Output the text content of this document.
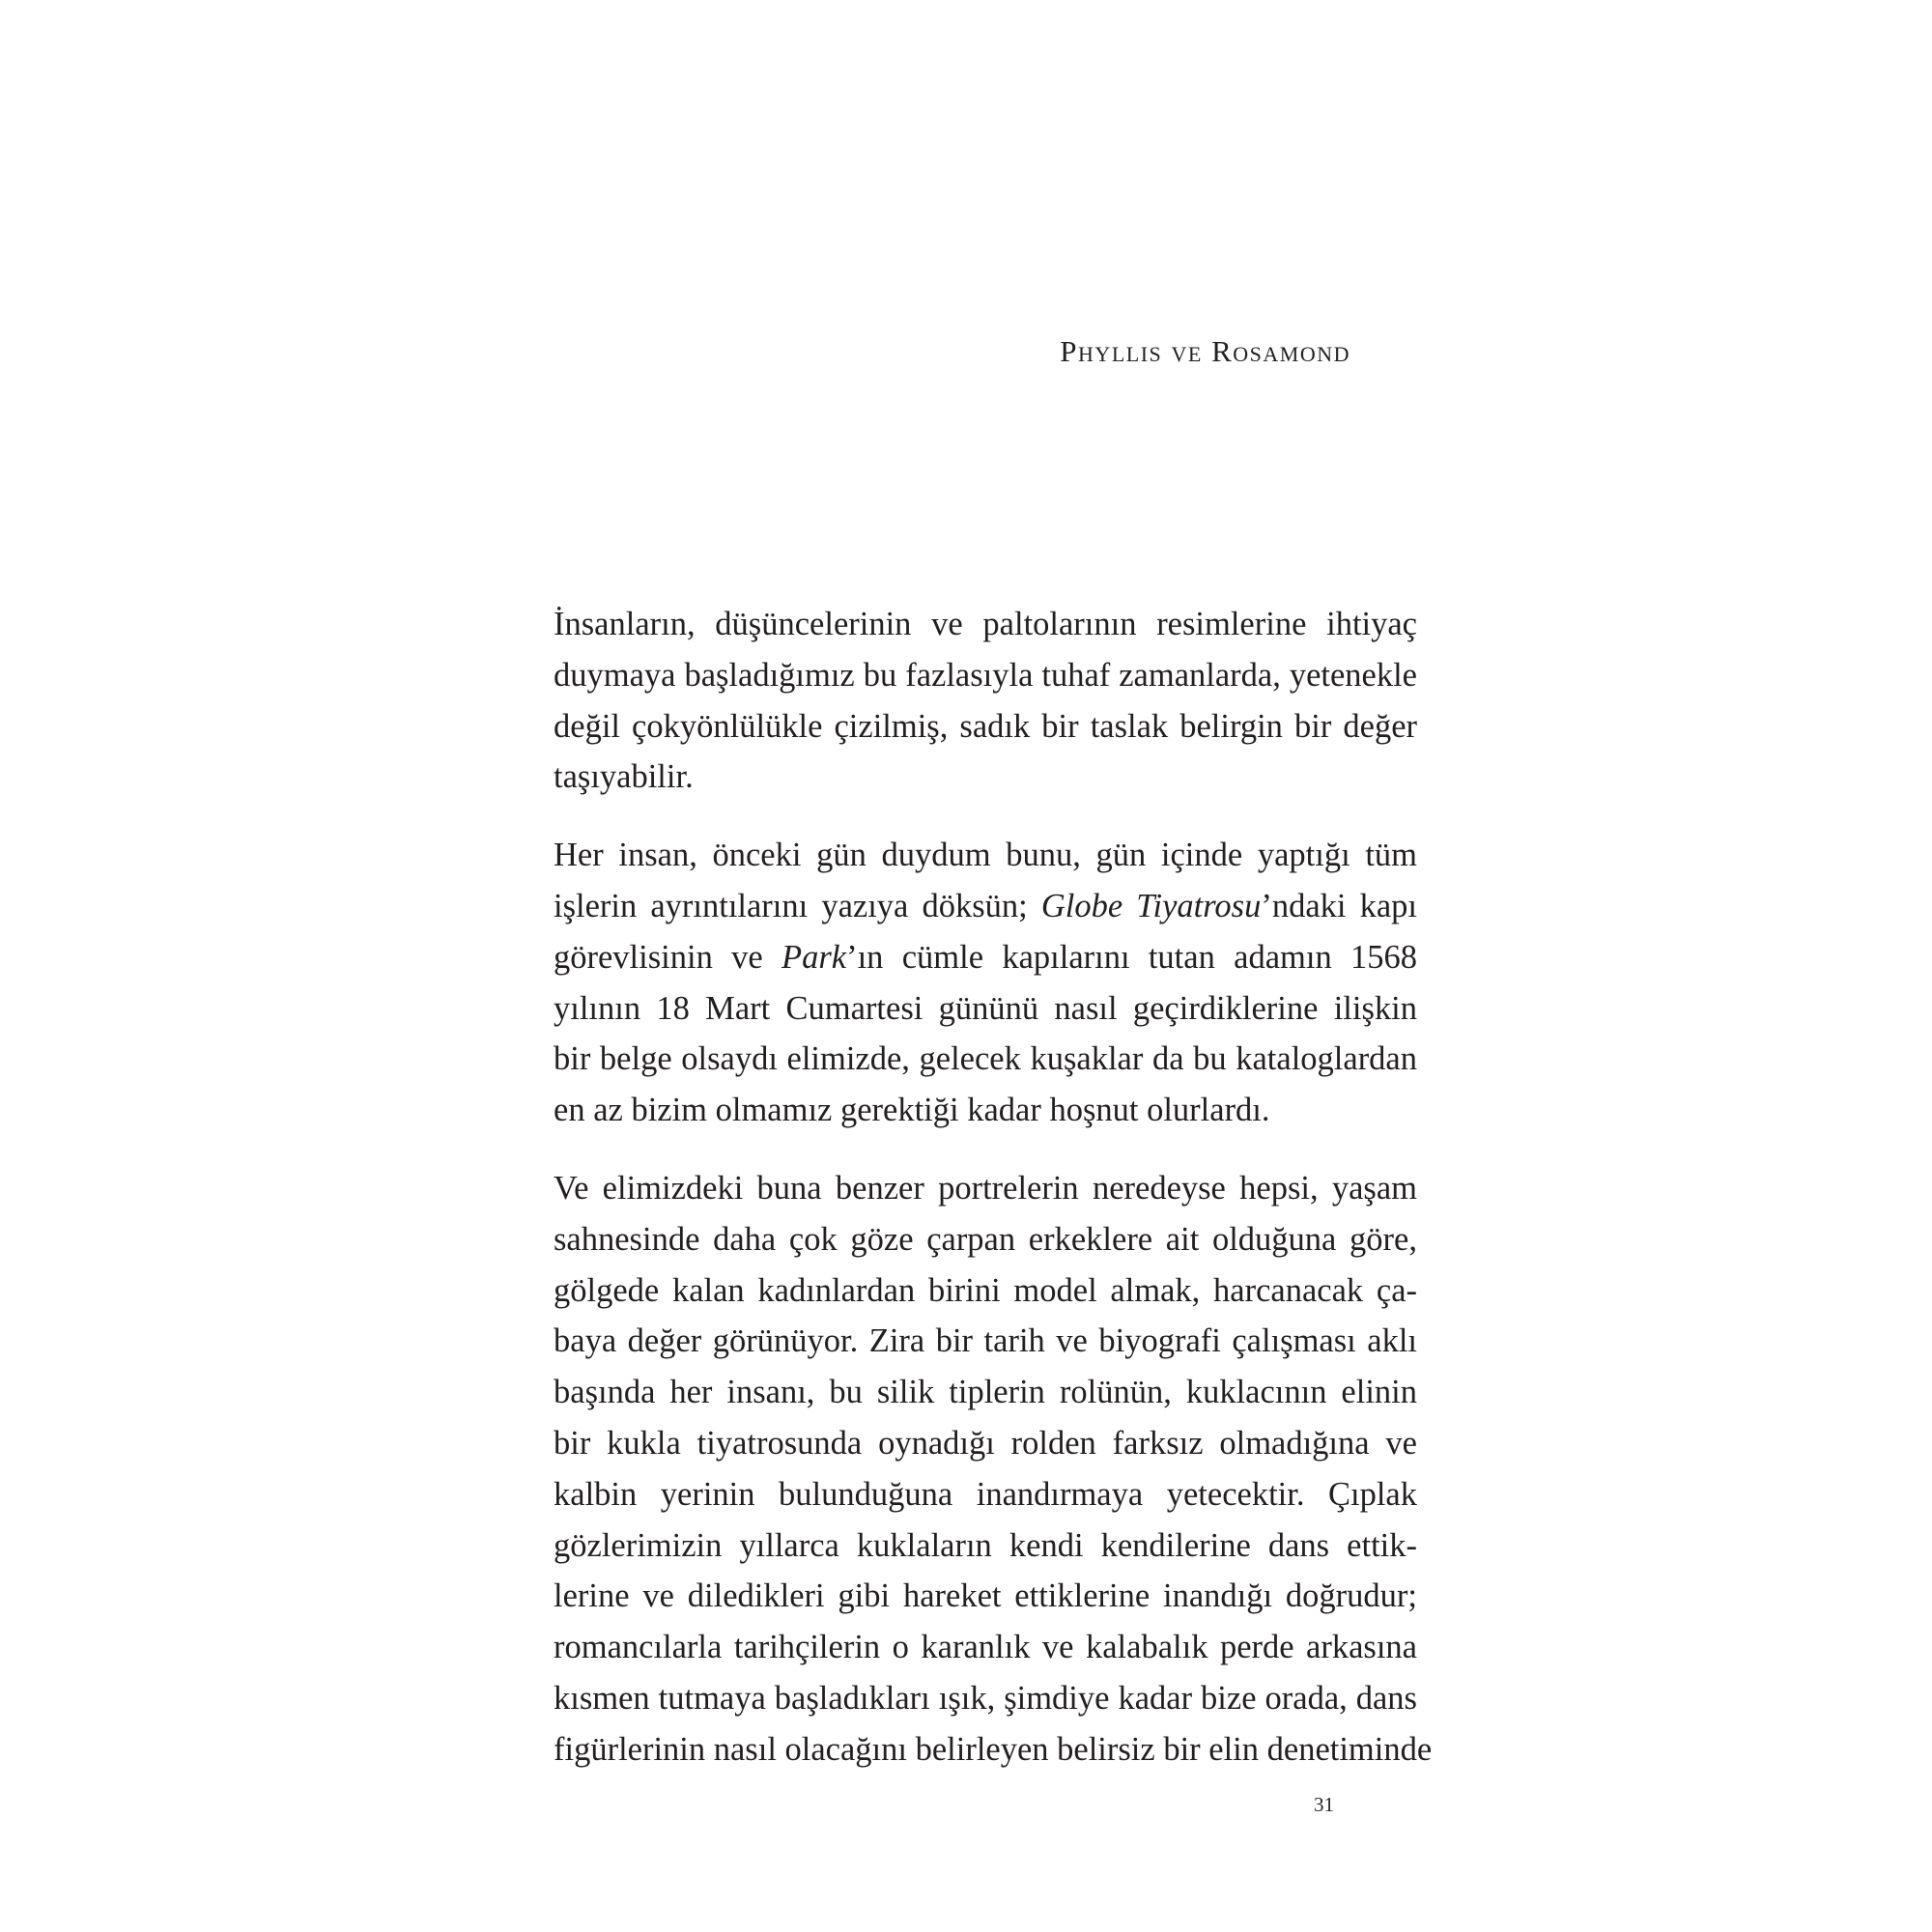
Phyllis ve Rosamond
İnsanların, düşüncelerinin ve paltolarının resimlerine ihtiyaç
duymaya başladığımız bu fazlasıyla tuhaf zamanlarda, yetenekle
değil çokyönlülükle çizilmiş, sadık bir taslak belirgin bir değer
taşıyabilir.
Her insan, önceki gün duydum bunu, gün içinde yaptığı tüm
işlerin ayrıntılarını yazıya döksün; Globe Tiyatrosu’ndaki kapı
görevlisinin ve Park’ın cümle kapılarını tutan adamın 1568
yılının 18 Mart Cumartesi gününü nasıl geçirdiklerine ilişkin
bir belge olsaydı elimizde, gelecek kuşaklar da bu kataloglardan
en az bizim olmamız gerektiği kadar hoşnut olurlardı.
Ve elimizdeki buna benzer portrelerin neredeyse hepsi, yaşam
sahnesinde daha çok göze çarpan erkeklere ait olduğuna göre,
gölgede kalan kadınlardan birini model almak, harcanacak ça-
baya değer görünüyor. Zira bir tarih ve biyografi çalışması aklı
başında her insanı, bu silik tiplerin rolünün, kuklacının elinin
bir kukla tiyatrosunda oynadığı rolden farksız olmadığına ve
kalbin yerinin bulunduğuna inandırmaya yetecektir. Çıplak
gözlerimizin yıllarca kuklaların kendi kendilerine dans ettik-
lerine ve diledikleri gibi hareket ettiklerine inandığı doğrudur;
romancılarla tarihçilerin o karanlık ve kalabalık perde arkasına
kısmen tutmaya başladıkları ışık, şimdiye kadar bize orada, dans
figürlerinin nasıl olacağını belirleyen belirsiz bir elin denetiminde
31
